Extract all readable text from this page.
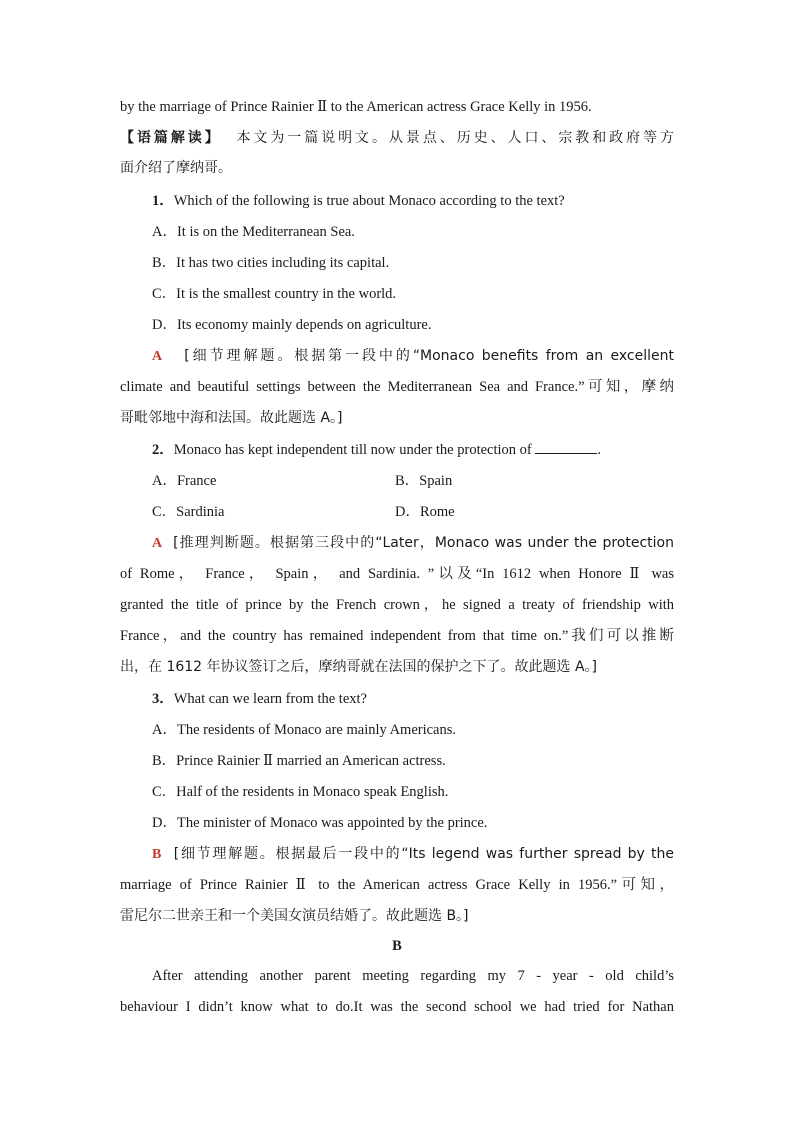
by the marriage of Prince Rainier Ⅱ to the American actress Grace Kelly in 1956.
【语篇解读】 本文为一篇说明文。从景点、历史、人口、宗教和政府等方
面介绍了摩纳哥。
1．Which of the following is true about Monaco according to the text?
A．It is on the Mediterranean Sea.
B．It has two cities including its capital.
C．It is the smallest country in the world.
D．Its economy mainly depends on agriculture.
A [细节理解题。根据第一段中的“Monaco benefits from an excellent
climate and beautiful settings between the Mediterranean Sea and France.”可知，摩纳
哥毗邻地中海和法国。故此题选 A。]
2．Monaco has kept independent till now under the protection of	.
A．France	B．Spain
C．Sardinia	D．Rome
A [推理判断题。根据第三段中的“Later，Monaco was under the protection
of Rome， France， Spain， and Sardinia. ”以及“In 1612 when Honore Ⅱ was
granted the title of prince by the French crown，he signed a treaty of friendship with
France，and the country has remained independent from that time on.”我们可以推断
出，在 1612 年协议签订之后，摩纳哥就在法国的保护之下了。故此题选 A。]
3．What can we learn from the text?
A．The residents of Monaco are mainly Americans.
B．Prince Rainier Ⅱ married an American actress.
C．Half of the residents in Monaco speak English.
D．The minister of Monaco was appointed by the prince.
B [细节理解题。根据最后一段中的“Its legend was further spread by the
marriage of Prince Rainier Ⅱ to the American actress Grace Kelly in 1956.”可知，
雷尼尔二世亲王和一个美国女演员结婚了。故此题选 B。]
B
After attending another parent meeting regarding my 7 - year - old child’s
behaviour I didn’t know what to do.It was the second school we had tried for Nathan
